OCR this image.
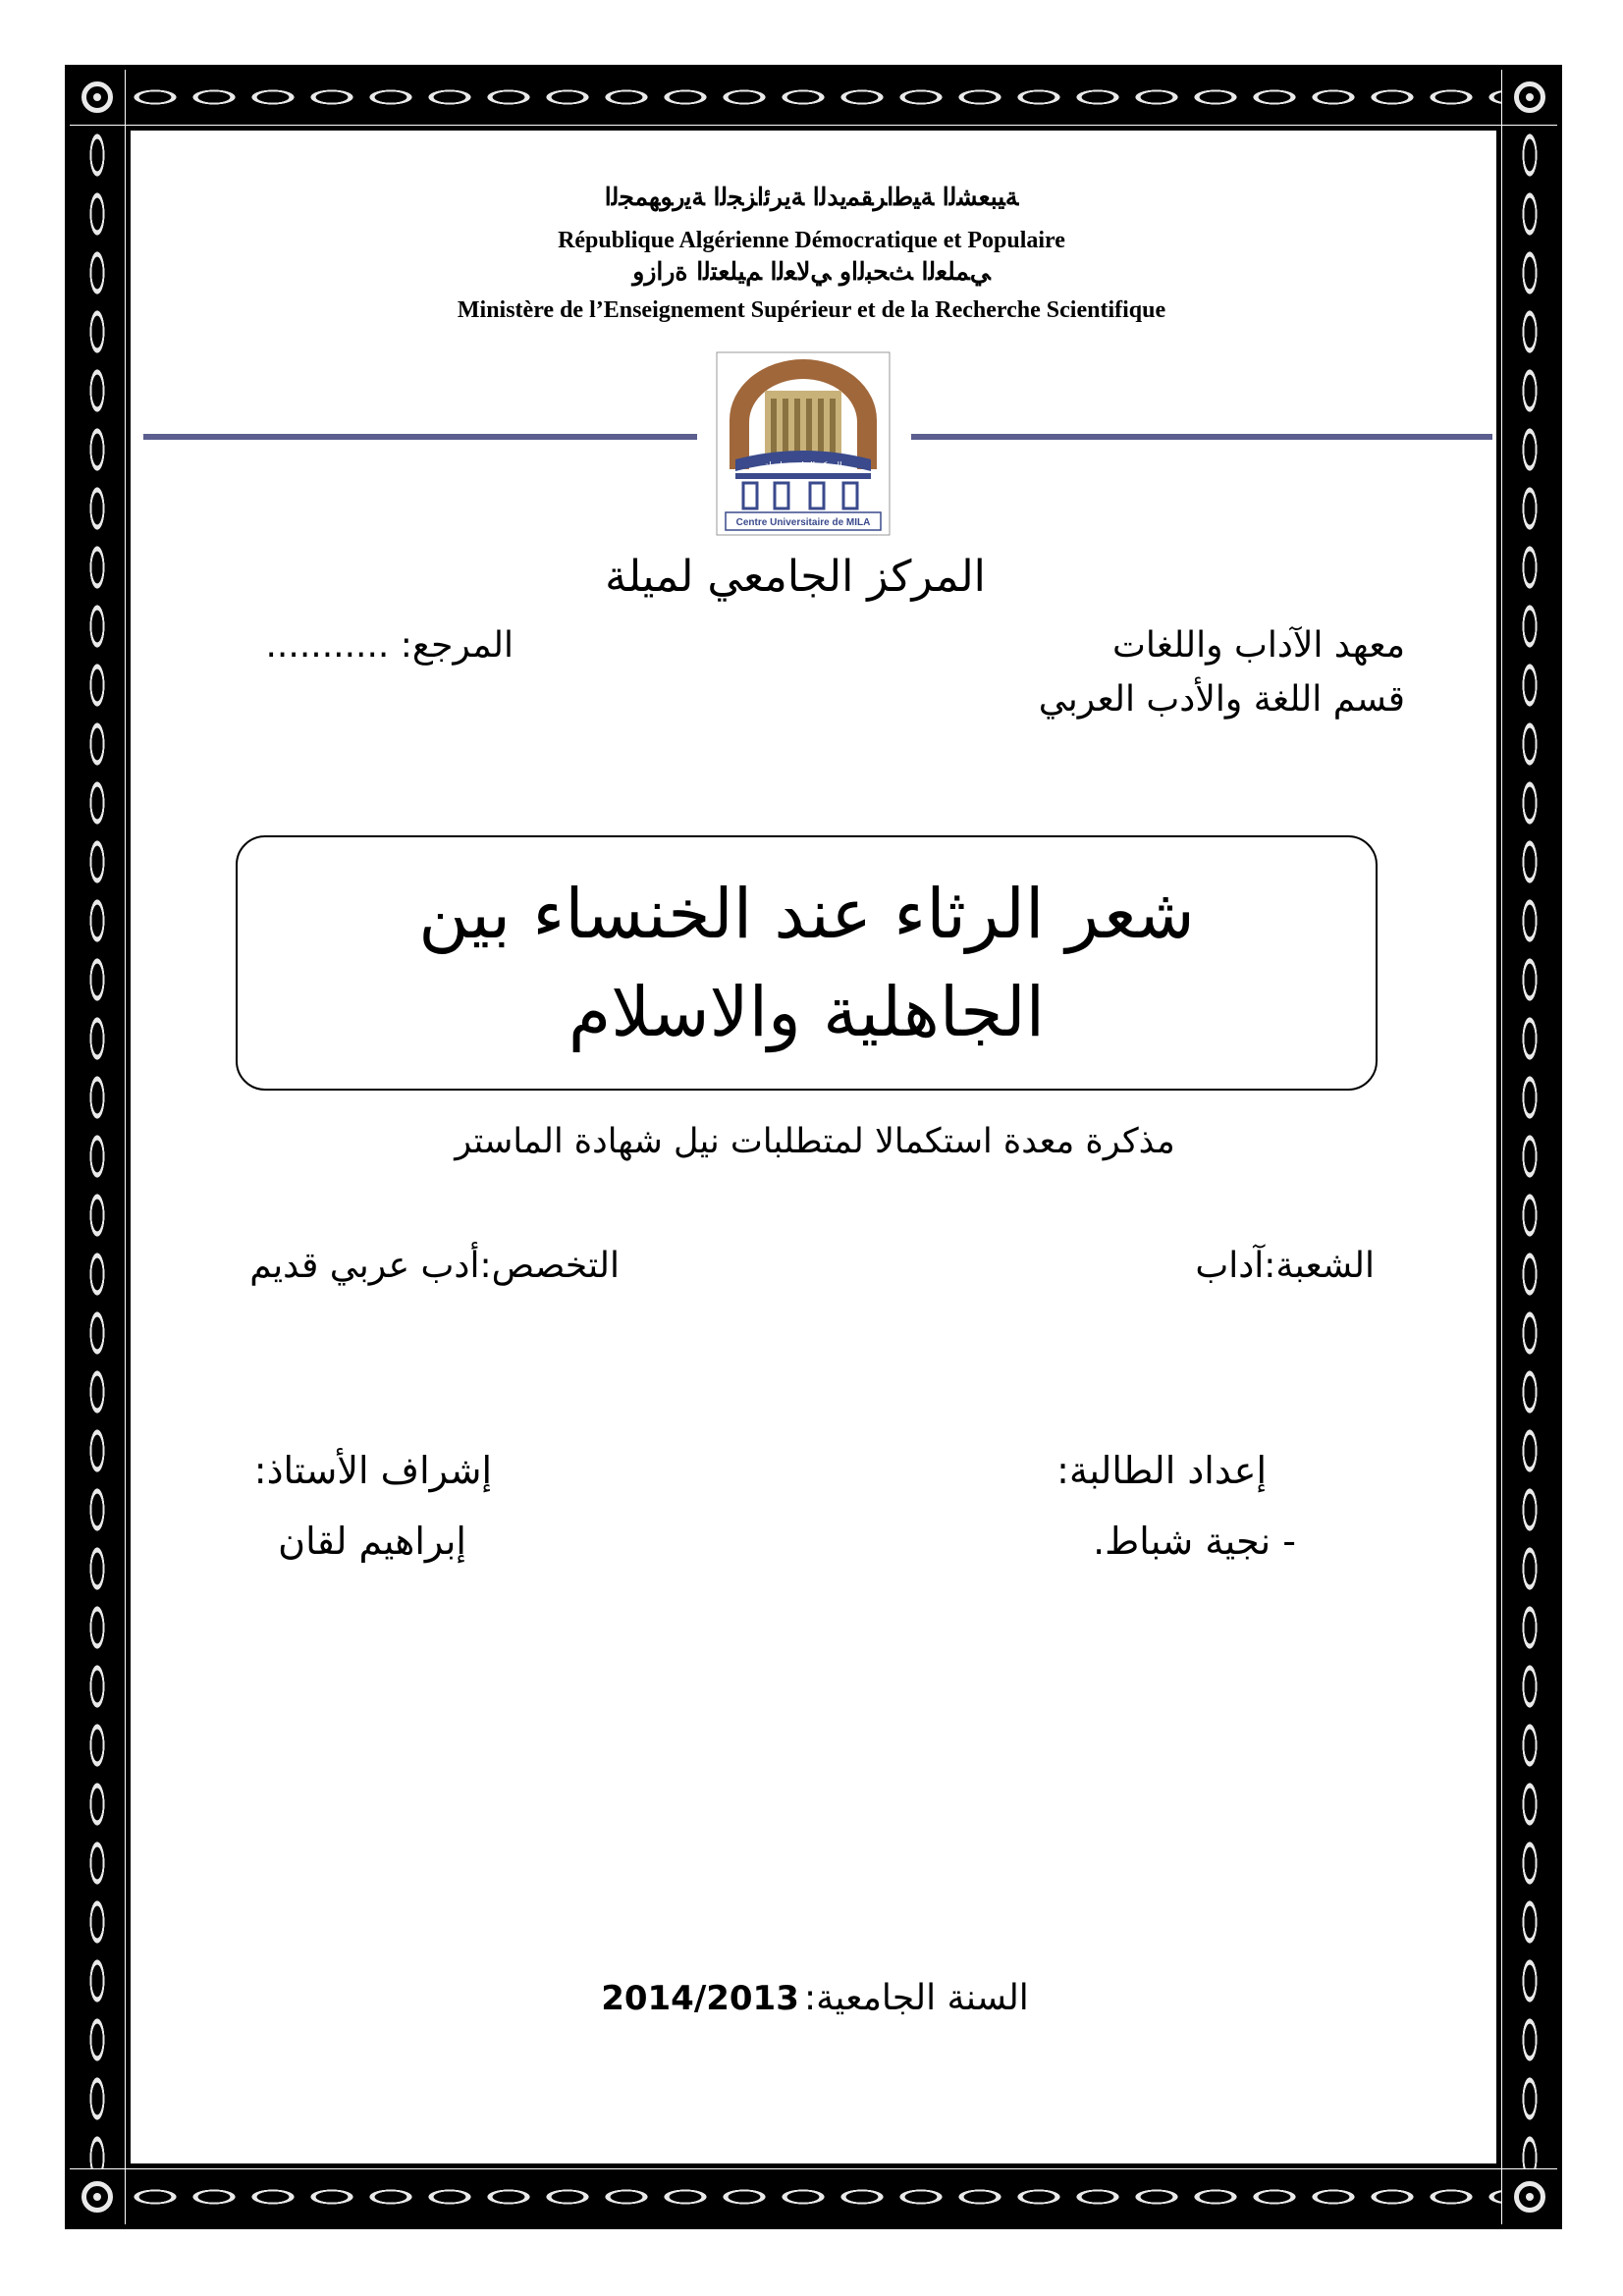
ﺔﻴﺒﻌﺸﻟا ﺔﻴﻃاﺮﻘﻤﻳﺪﻟا ﺔﻳﺮﺋاﺰﺠﻟا ﺔﻳرﻮﻬﻤﺠﻟا
République Algérienne Démocratique et Populaire
ﻲﻤﻠﻌﻟا ﺚﺤﺒﻟاو ﻲﻟﺎﻌﻟا ﻢﻴﻠﻌﺘﻟا ةرازو
Ministère de l’Enseignement Supérieur et de la Recherche Scientifique
Centre Universitaire de MILA
المركز الجامعي لميلة
المركز الجامعي لميلة
معهد الآداب واللغات
المرجع: ...........
قسم اللغة والأدب العربي
شعر الرثاء عند الخنساء بين
الجاهلية والاسلام
مذكرة معدة استكمالا لمتطلبات نيل شهادة الماستر
الشعبة:آداب
التخصص:أدب عربي قديم
إعداد الطالبة:
- نجية شباط.
إشراف الأستاذ:
إبراهيم لقان
السنة الجامعية: 2014/2013
